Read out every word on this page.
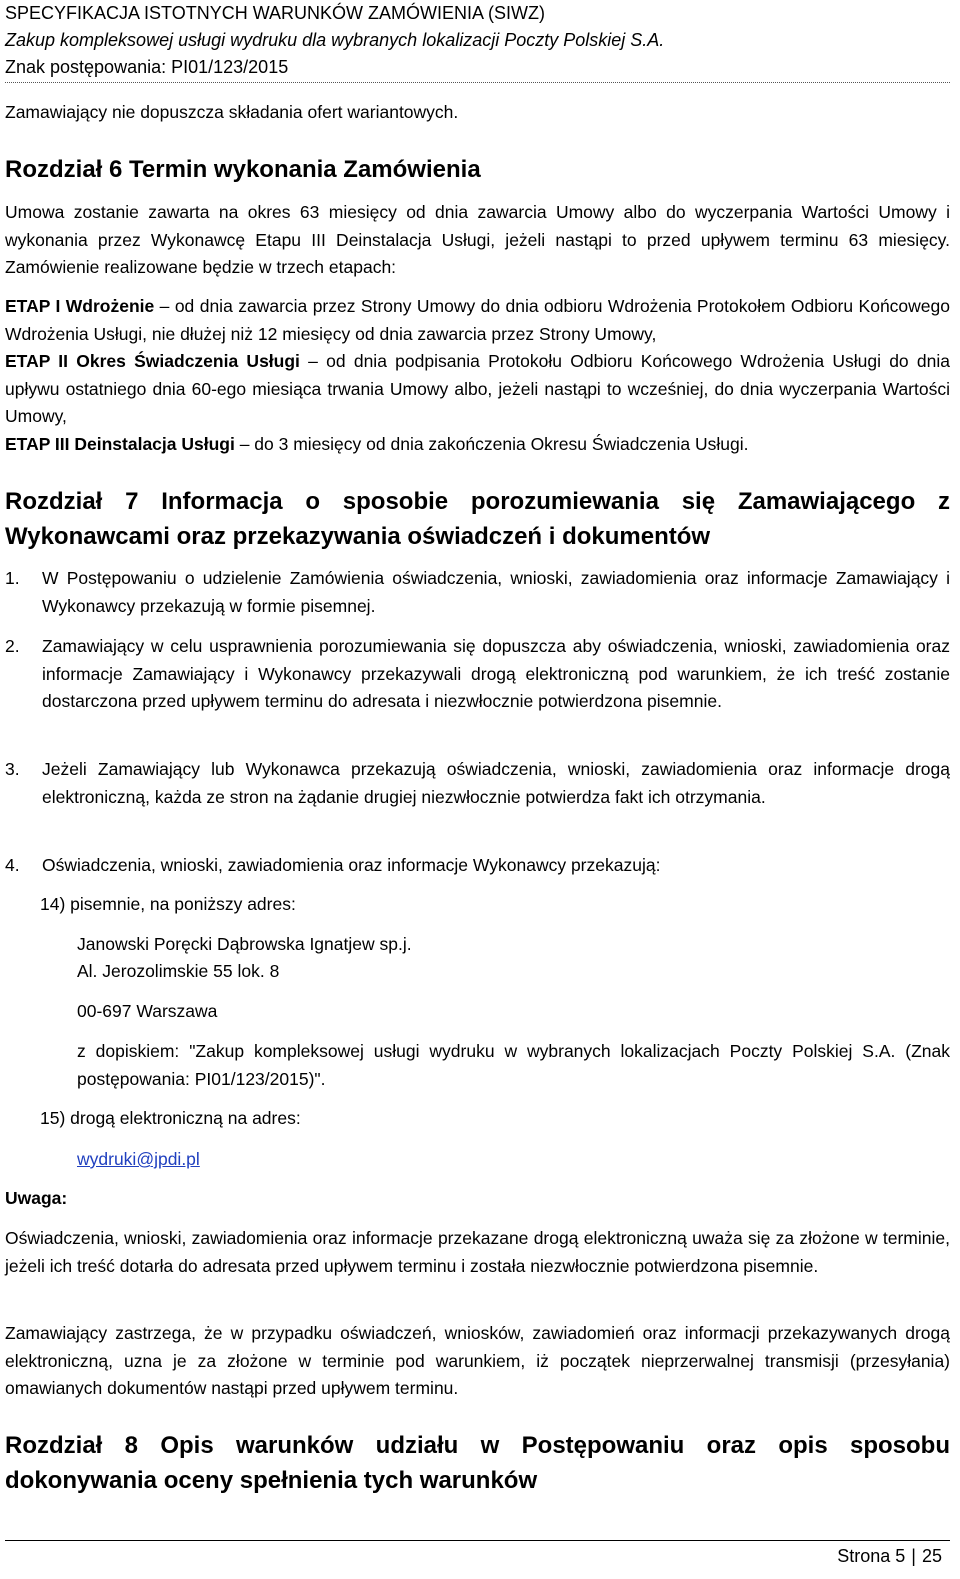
SPECYFIKACJA ISTOTNYCH WARUNKÓW ZAMÓWIENIA (SIWZ)
Zakup kompleksowej usługi wydruku dla wybranych lokalizacji Poczty Polskiej S.A.
Znak postępowania: PI01/123/2015
Zamawiający nie dopuszcza składania ofert wariantowych.
Rozdział 6 Termin wykonania Zamówienia
Umowa zostanie zawarta na okres 63 miesięcy od dnia zawarcia Umowy albo do wyczerpania Wartości Umowy i wykonania przez Wykonawcę Etapu III Deinstalacja Usługi, jeżeli nastąpi to przed upływem terminu 63 miesięcy. Zamówienie realizowane będzie w trzech etapach:
ETAP I Wdrożenie – od dnia zawarcia przez Strony Umowy do dnia odbioru Wdrożenia Protokołem Odbioru Końcowego Wdrożenia Usługi, nie dłużej niż 12 miesięcy od dnia zawarcia przez Strony Umowy,
ETAP II Okres Świadczenia Usługi – od dnia podpisania Protokołu Odbioru Końcowego Wdrożenia Usługi do dnia upływu ostatniego dnia 60-ego miesiąca trwania Umowy albo, jeżeli nastąpi to wcześniej, do dnia wyczerpania Wartości Umowy,
ETAP III Deinstalacja Usługi – do 3 miesięcy od dnia zakończenia Okresu Świadczenia Usługi.
Rozdział 7 Informacja o sposobie porozumiewania się Zamawiającego z Wykonawcami oraz przekazywania oświadczeń i dokumentów
1. W Postępowaniu o udzielenie Zamówienia oświadczenia, wnioski, zawiadomienia oraz informacje Zamawiający i Wykonawcy przekazują w formie pisemnej.
2. Zamawiający w celu usprawnienia porozumiewania się dopuszcza aby oświadczenia, wnioski, zawiadomienia oraz informacje Zamawiający i Wykonawcy przekazywali drogą elektroniczną pod warunkiem, że ich treść zostanie dostarczona przed upływem terminu do adresata i niezwłocznie potwierdzona pisemnie.
3. Jeżeli Zamawiający lub Wykonawca przekazują oświadczenia, wnioski, zawiadomienia oraz informacje drogą elektroniczną, każda ze stron na żądanie drugiej niezwłocznie potwierdza fakt ich otrzymania.
4. Oświadczenia, wnioski, zawiadomienia oraz informacje Wykonawcy przekazują:
14) pisemnie, na poniższy adres:
Janowski Poręcki Dąbrowska Ignatjew sp.j.
Al. Jerozolimskie 55 lok. 8
00-697 Warszawa
z dopiskiem: "Zakup kompleksowej usługi wydruku w wybranych lokalizacjach Poczty Polskiej S.A. (Znak postępowania: PI01/123/2015)".
15) drogą elektroniczną na adres:
wydruki@jpdi.pl
Uwaga:
Oświadczenia, wnioski, zawiadomienia oraz informacje przekazane drogą elektroniczną uważa się za złożone w terminie, jeżeli ich treść dotarła do adresata przed upływem terminu i została niezwłocznie potwierdzona pisemnie.
Zamawiający zastrzega, że w przypadku oświadczeń, wniosków, zawiadomień oraz informacji przekazywanych drogą elektroniczną, uzna je za złożone w terminie pod warunkiem, iż początek nieprzerwalnej transmisji (przesyłania) omawianych dokumentów nastąpi przed upływem terminu.
Rozdział 8 Opis warunków udziału w Postępowaniu oraz opis sposobu dokonywania oceny spełnienia tych warunków
Strona 5 | 25
